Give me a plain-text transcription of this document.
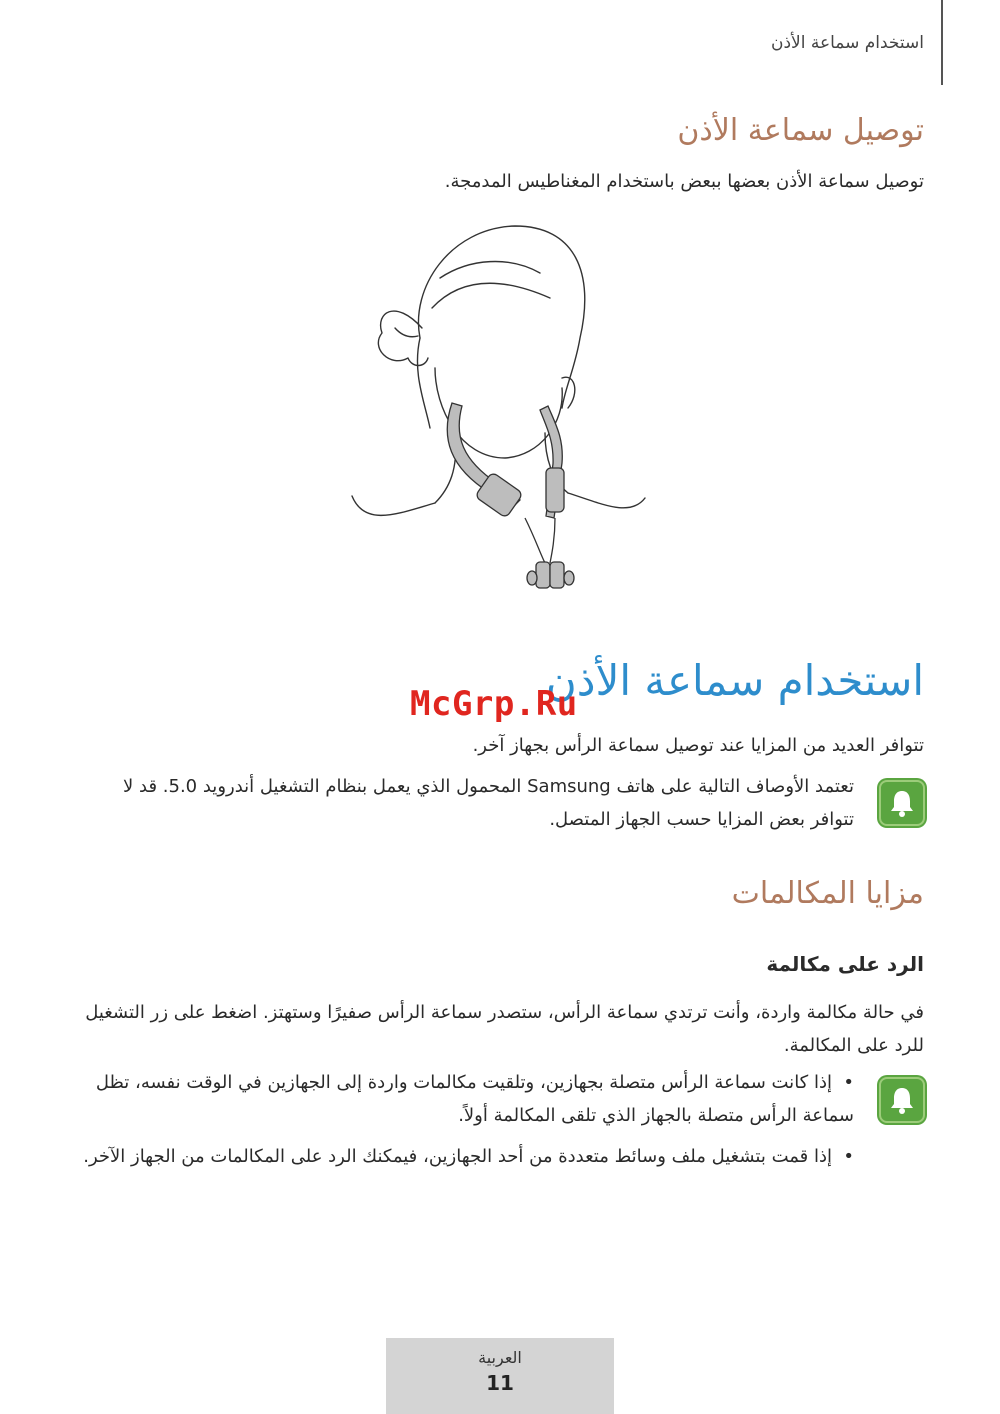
استخدام سماعة الأذن
توصيل سماعة الأذن
توصيل سماعة الأذن بعضها ببعض باستخدام المغناطيس المدمجة.
استخدام سماعة الأذن
McGrp.Ru
تتوافر العديد من المزايا عند توصيل سماعة الرأس بجهاز آخر.
تعتمد الأوصاف التالية على هاتف Samsung المحمول الذي يعمل بنظام التشغيل أندرويد 5.0. قد لا تتوافر بعض المزايا حسب الجهاز المتصل.
مزايا المكالمات
الرد على مكالمة
في حالة مكالمة واردة، وأنت ترتدي سماعة الرأس، ستصدر سماعة الرأس صفيرًا وستهتز. اضغط على زر التشغيل للرد على المكالمة.
•إذا كانت سماعة الرأس متصلة بجهازين، وتلقيت مكالمات واردة إلى الجهازين في الوقت نفسه، تظل سماعة الرأس متصلة بالجهاز الذي تلقى المكالمة أولاً.
•إذا قمت بتشغيل ملف وسائط متعددة من أحد الجهازين، فيمكنك الرد على المكالمات من الجهاز الآخر.
العربية
11
